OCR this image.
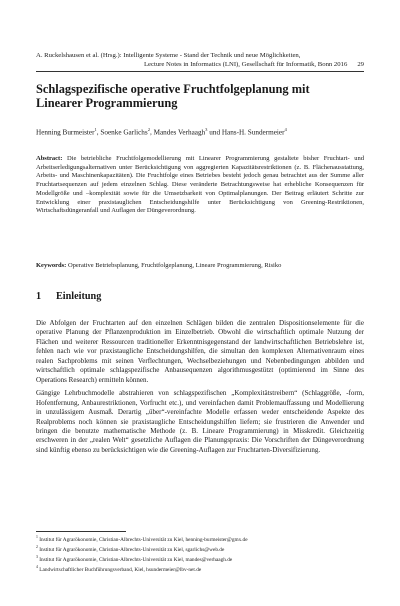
A. Ruckelshausen et al. (Hrsg.): Intelligente Systeme - Stand der Technik und neue Möglichkeiten,
Lecture Notes in Informatics (LNI), Gesellschaft für Informatik, Bonn 2016 29
Schlagspezifische operative Fruchtfolgeplanung mit
Linearer Programmierung
Henning Burmeister$^1$, Soenke Garlichs$^2$, Mandes Verhaagh$^3$ und Hans-H. Sundermeier$^4$
Abstract: Die betriebliche Fruchtfolgemodellierung mit Linearer Programmierung gestaltete bisher Fruchtart- und Arbeitserledigungsalternativen unter Berücksichtigung von aggregierten Kapazitätsrestriktionen (z. B. Flächenausstattung, Arbeits- und Maschinenkapazitäten). Die Fruchtfolge eines Betriebes besteht jedoch genau betrachtet aus der Summe aller Fruchtartsequenzen auf jedem einzelnen Schlag. Diese veränderte Betrachtungsweise hat erhebliche Konsequenzen für Modellgröße und –komplexität sowie für die Umsetzbarkeit von Optimalplanungen. Der Beitrag erläutert Schritte zur Entwicklung einer praxistauglichen Entscheidungshilfe unter Berücksichtigung von Greening-Restriktionen, Wirtschaftsdüngeranfall und Auflagen der Düngeverordnung.
Keywords: Operative Betriebsplanung, Fruchtfolgeplanung, Lineare Programmierung, Risiko
1 Einleitung

Die Abfolgen der Fruchtarten auf den einzelnen Schlägen bilden die zentralen Dispositionselemente für die operative Planung der Pflanzenproduktion im Einzelbetrieb. Obwohl die wirtschaftlich optimale Nutzung der Flächen und weiterer Ressourcen traditioneller Erkenntnisgegenstand der landwirtschaftlichen Betriebslehre ist, fehlen nach wie vor praxistaugliche Entscheidungshilfen, die simultan den komplexen Alternativenraum eines realen Sachproblems mit seinen Verflechtungen, Wechselbeziehungen und Nebenbedingungen abbilden und wirtschaftlich optimale schlagspezifische Anbausequenzen algorithmusgestützt (optimierend im Sinne des Operations Research) ermitteln können.

Gängige Lehrbuchmodelle abstrahieren von schlagspezifischen „Komplexitätstreibern“ (Schlaggröße, -form, Hofentfernung, Anbaurestriktionen, Vorfrucht etc.), und vereinfachen damit Problemauffassung und Modellierung in unzulässigem Ausmaß. Derartig „über“-vereinfachte Modelle erfassen weder entscheidende Aspekte des Realproblems noch können sie praxistaugliche Entscheidungshilfen liefern; sie frustrieren die Anwender und bringen die benutzte mathematische Methode (z. B. Lineare Programmierung) in Misskredit. Gleichzeitig erschweren in der „realen Welt“ gesetzliche Auflagen die Planungspraxis: Die Vorschriften der Düngeverordnung sind künftig ebenso zu berücksichtigen wie die Greening-Auflagen zur Fruchtarten-Diversifizierung.

$^1$ Institut für Agrarökonomie, Christian-Albrechts-Universität zu Kiel, henning-burmeister@gmx.de
$^2$ Institut für Agrarökonomie, Christian-Albrechts-Universität zu Kiel, sgarlichs@web.de
$^3$ Institut für Agrarökonomie, Christian-Albrechts-Universität zu Kiel, mandes@verhaagh.de
$^4$ Landwirtschaftlicher Buchführungsverband, Kiel, hsundermeier@lbv-net.de
